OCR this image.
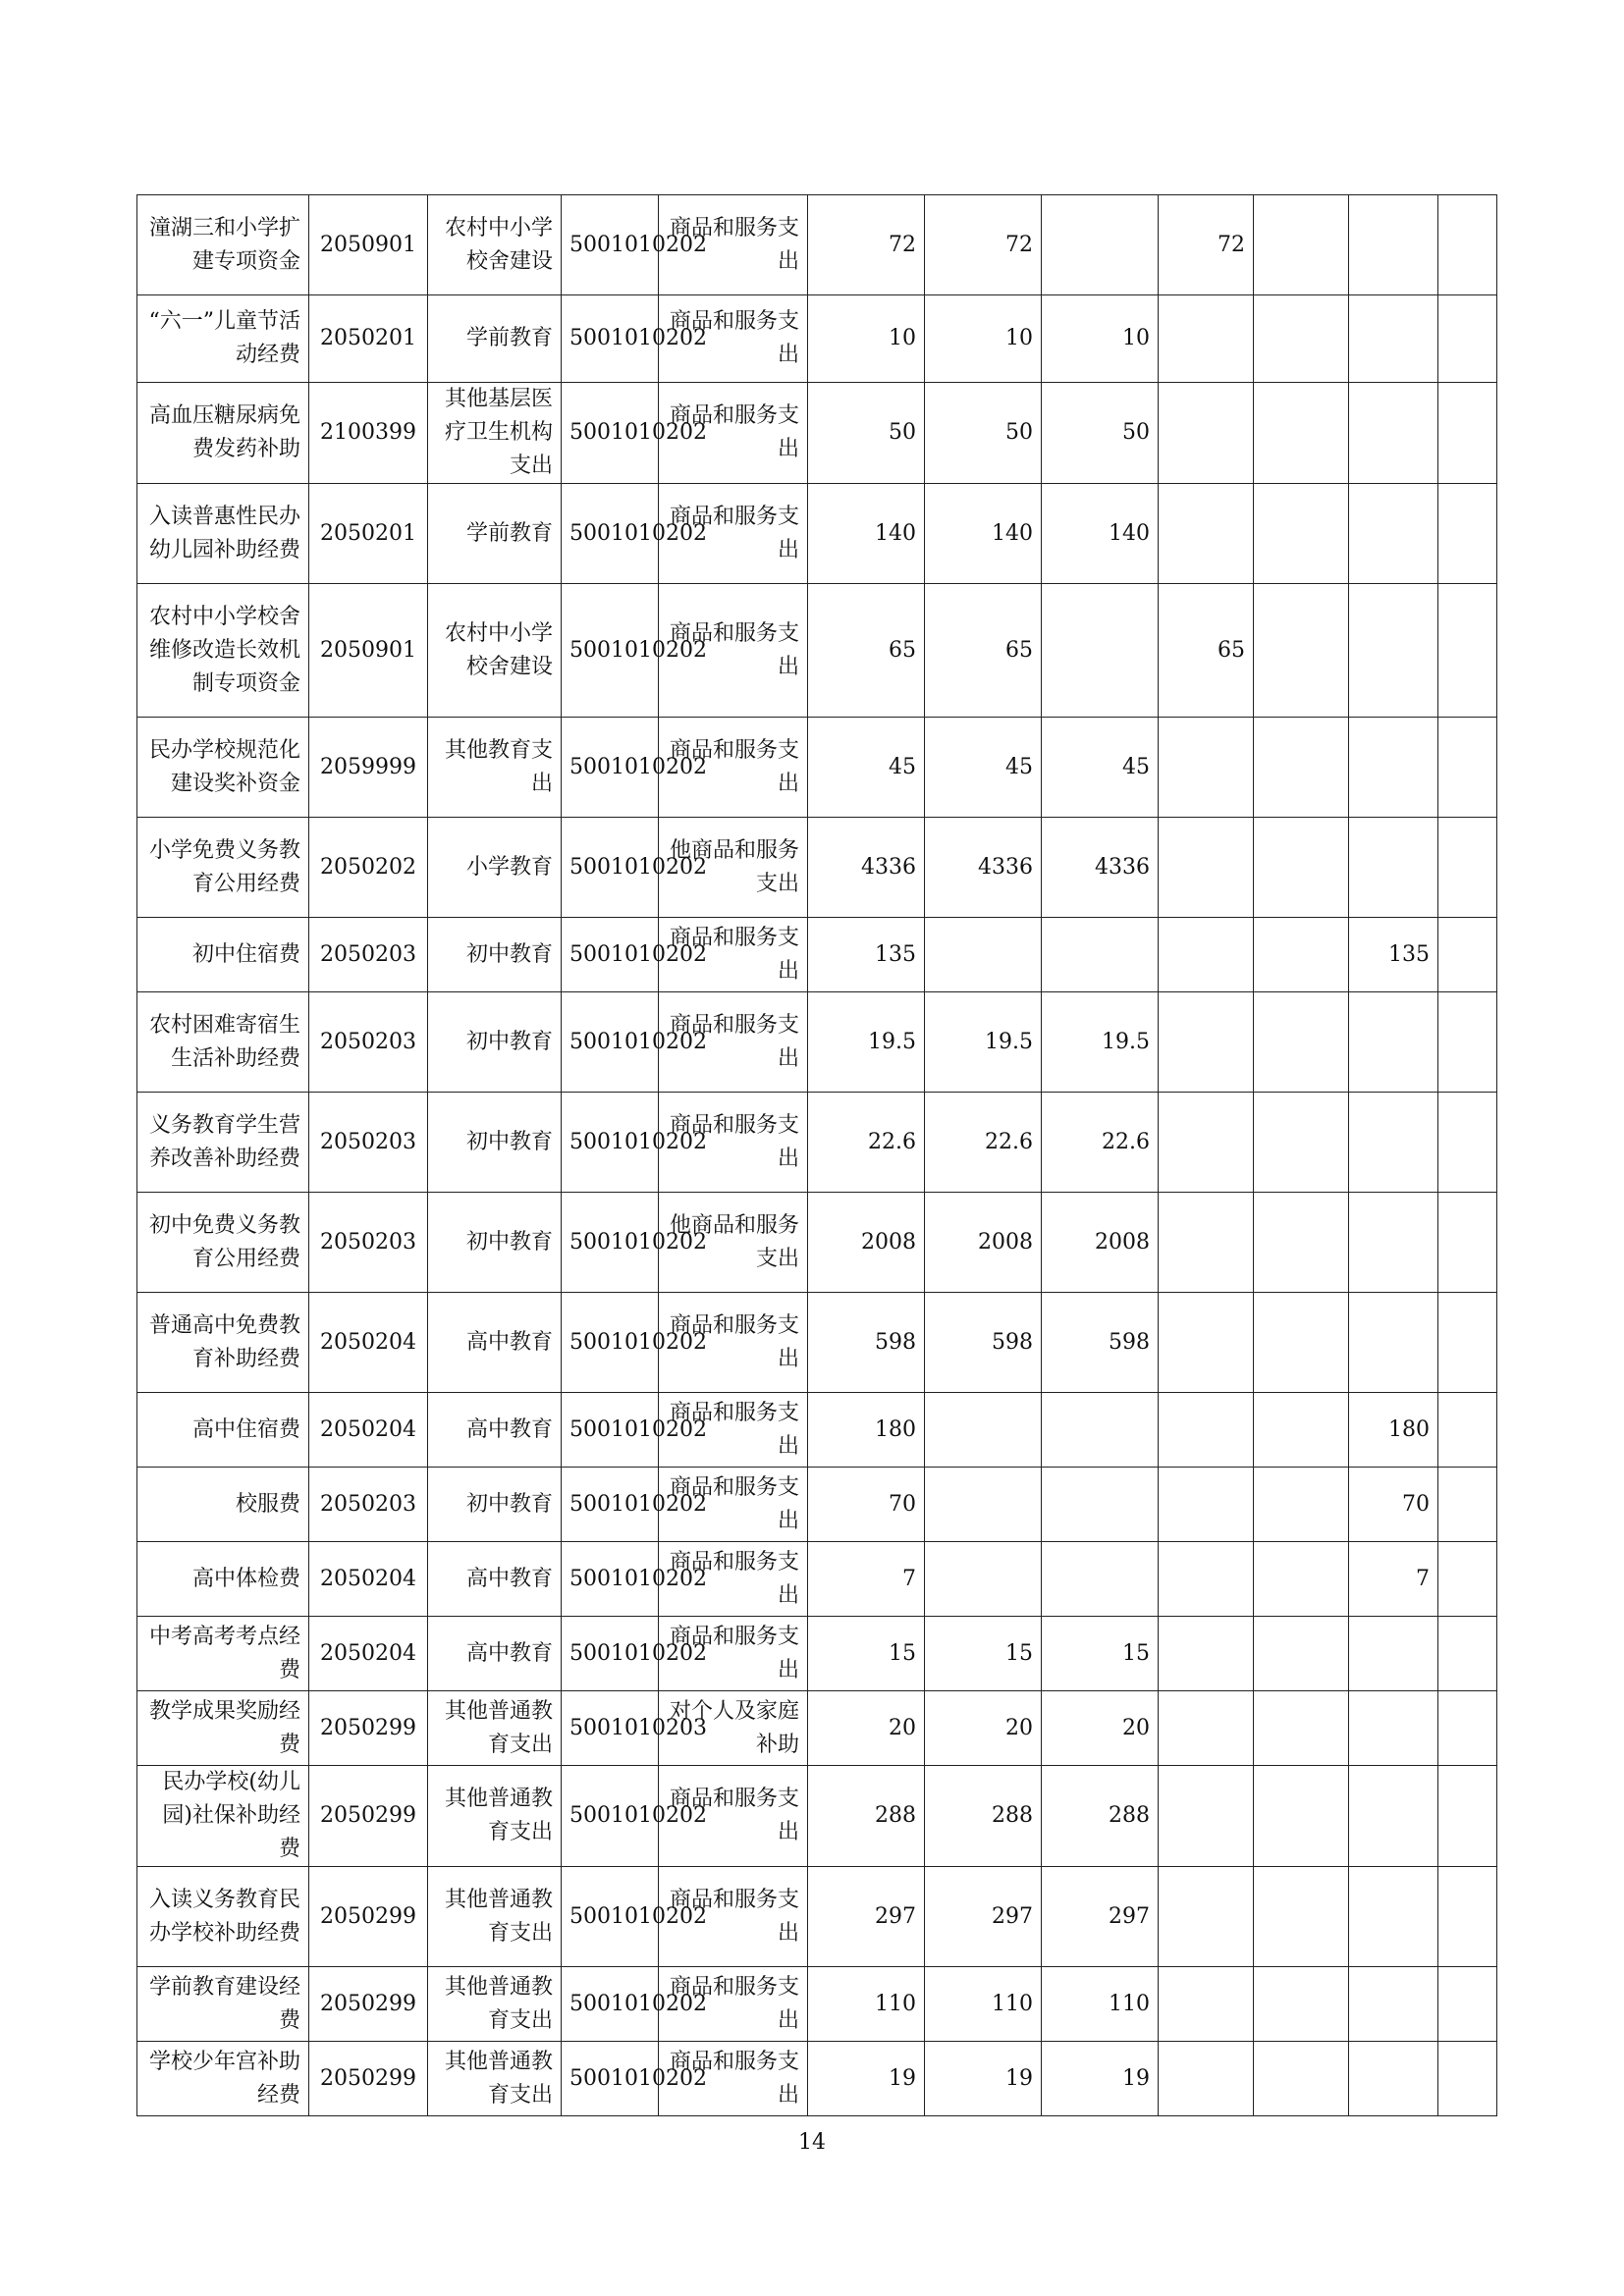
潼湖三和小学扩建专项资金	2050901	农村中小学校舍建设	5001010202	商品和服务支出	72	72		72			
“六一”儿童节活动经费	2050201	学前教育	5001010202	商品和服务支出	10	10	10				
高血压糖尿病免费发药补助	2100399	其他基层医疗卫生机构支出	5001010202	商品和服务支出	50	50	50				
入读普惠性民办幼儿园补助经费	2050201	学前教育	5001010202	商品和服务支出	140	140	140				
农村中小学校舍维修改造长效机制专项资金	2050901	农村中小学校舍建设	5001010202	商品和服务支出	65	65		65			
民办学校规范化建设奖补资金	2059999	其他教育支出	5001010202	商品和服务支出	45	45	45				
小学免费义务教育公用经费	2050202	小学教育	5001010202	他商品和服务支出	4336	4336	4336				
初中住宿费	2050203	初中教育	5001010202	商品和服务支出	135					135	
农村困难寄宿生生活补助经费	2050203	初中教育	5001010202	商品和服务支出	19.5	19.5	19.5				
义务教育学生营养改善补助经费	2050203	初中教育	5001010202	商品和服务支出	22.6	22.6	22.6				
初中免费义务教育公用经费	2050203	初中教育	5001010202	他商品和服务支出	2008	2008	2008				
普通高中免费教育补助经费	2050204	高中教育	5001010202	商品和服务支出	598	598	598				
高中住宿费	2050204	高中教育	5001010202	商品和服务支出	180					180	
校服费	2050203	初中教育	5001010202	商品和服务支出	70					70	
高中体检费	2050204	高中教育	5001010202	商品和服务支出	7					7	
中考高考考点经费	2050204	高中教育	5001010202	商品和服务支出	15	15	15				
教学成果奖励经费	2050299	其他普通教育支出	5001010203	对个人及家庭补助	20	20	20				
民办学校(幼儿园)社保补助经费	2050299	其他普通教育支出	5001010202	商品和服务支出	288	288	288				
入读义务教育民办学校补助经费	2050299	其他普通教育支出	5001010202	商品和服务支出	297	297	297				
学前教育建设经费	2050299	其他普通教育支出	5001010202	商品和服务支出	110	110	110				
学校少年宫补助经费	2050299	其他普通教育支出	5001010202	商品和服务支出	19	19	19				
14
